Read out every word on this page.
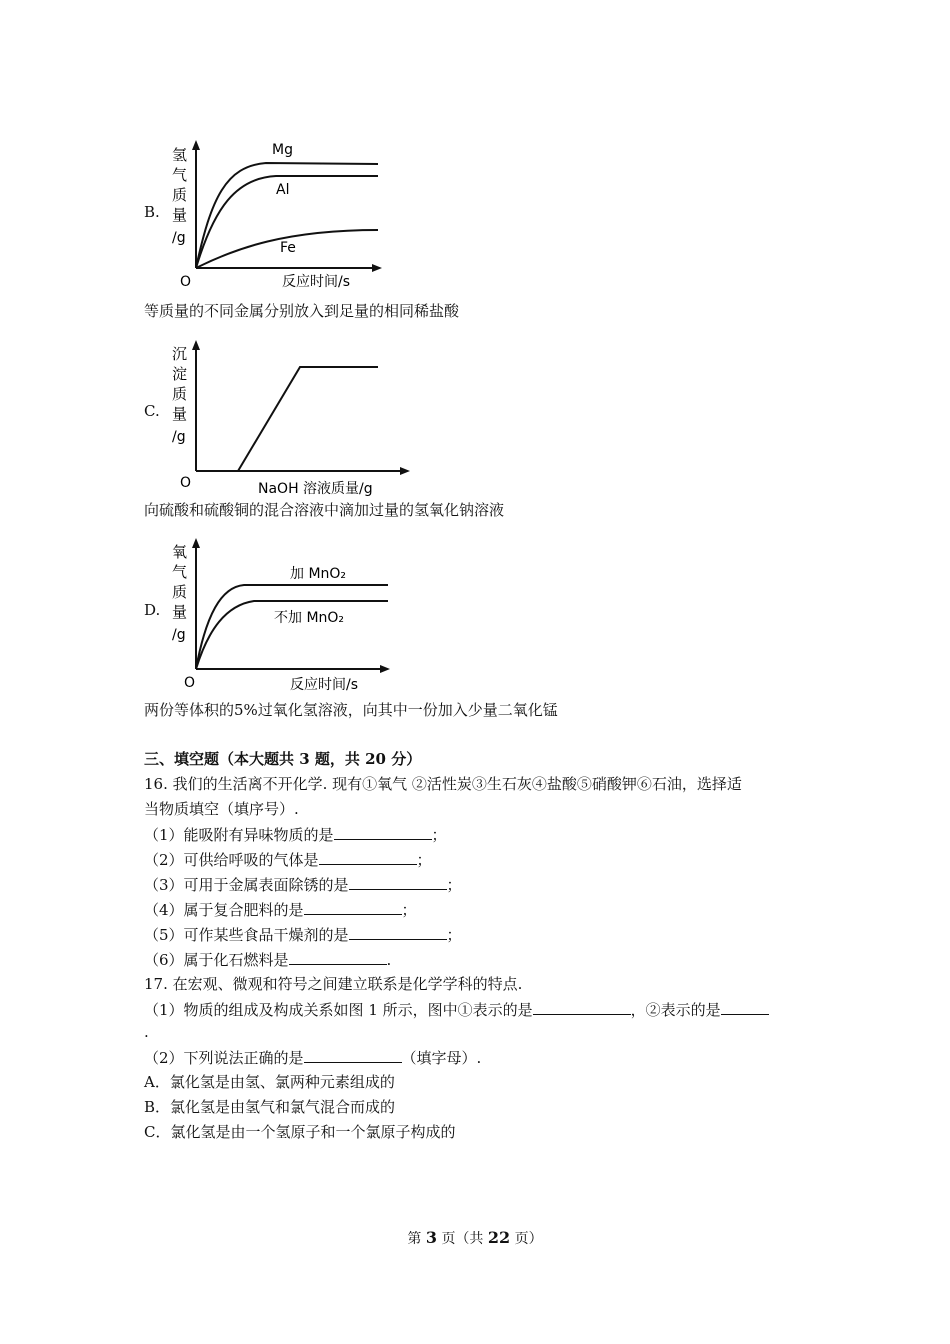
B.
氢
气
质
量
/g
O	反应时间/s
Mg
Al
Fe
等质量的不同金属分别放入到足量的相同稀盐酸
C.
沉
淀
质
量
/g
O	NaOH 溶液质量/g
向硫酸和硫酸铜的混合溶液中滴加过量的氢氧化钠溶液
D.
氧
气
质
量
/g
O	反应时间/s
加 MnO₂
不加 MnO₂
两份等体积的5%过氧化氢溶液，向其中一份加入少量二氧化锰
三、填空题（本大题共 3 题，共 20 分）
16. 我们的生活离不开化学. 现有①氧气 ②活性炭③生石灰④盐酸⑤硝酸钾⑥石油，选择适
当物质填空（填序号）.
（1）能吸附有异味物质的是	；
（2）可供给呼吸的气体是	；
（3）可用于金属表面除锈的是	；
（4）属于复合肥料的是	；
（5）可作某些食品干燥剂的是	；
（6）属于化石燃料是	.
17. 在宏观、微观和符号之间建立联系是化学学科的特点.
（1）物质的组成及构成关系如图 1 所示，图中①表示的是	，②表示的是
.
（2）下列说法正确的是	（填字母）.
A．氯化氢是由氢、氯两种元素组成的
B．氯化氢是由氢气和氯气混合而成的
C．氯化氢是由一个氢原子和一个氯原子构成的
第 3 页（共 22 页）
